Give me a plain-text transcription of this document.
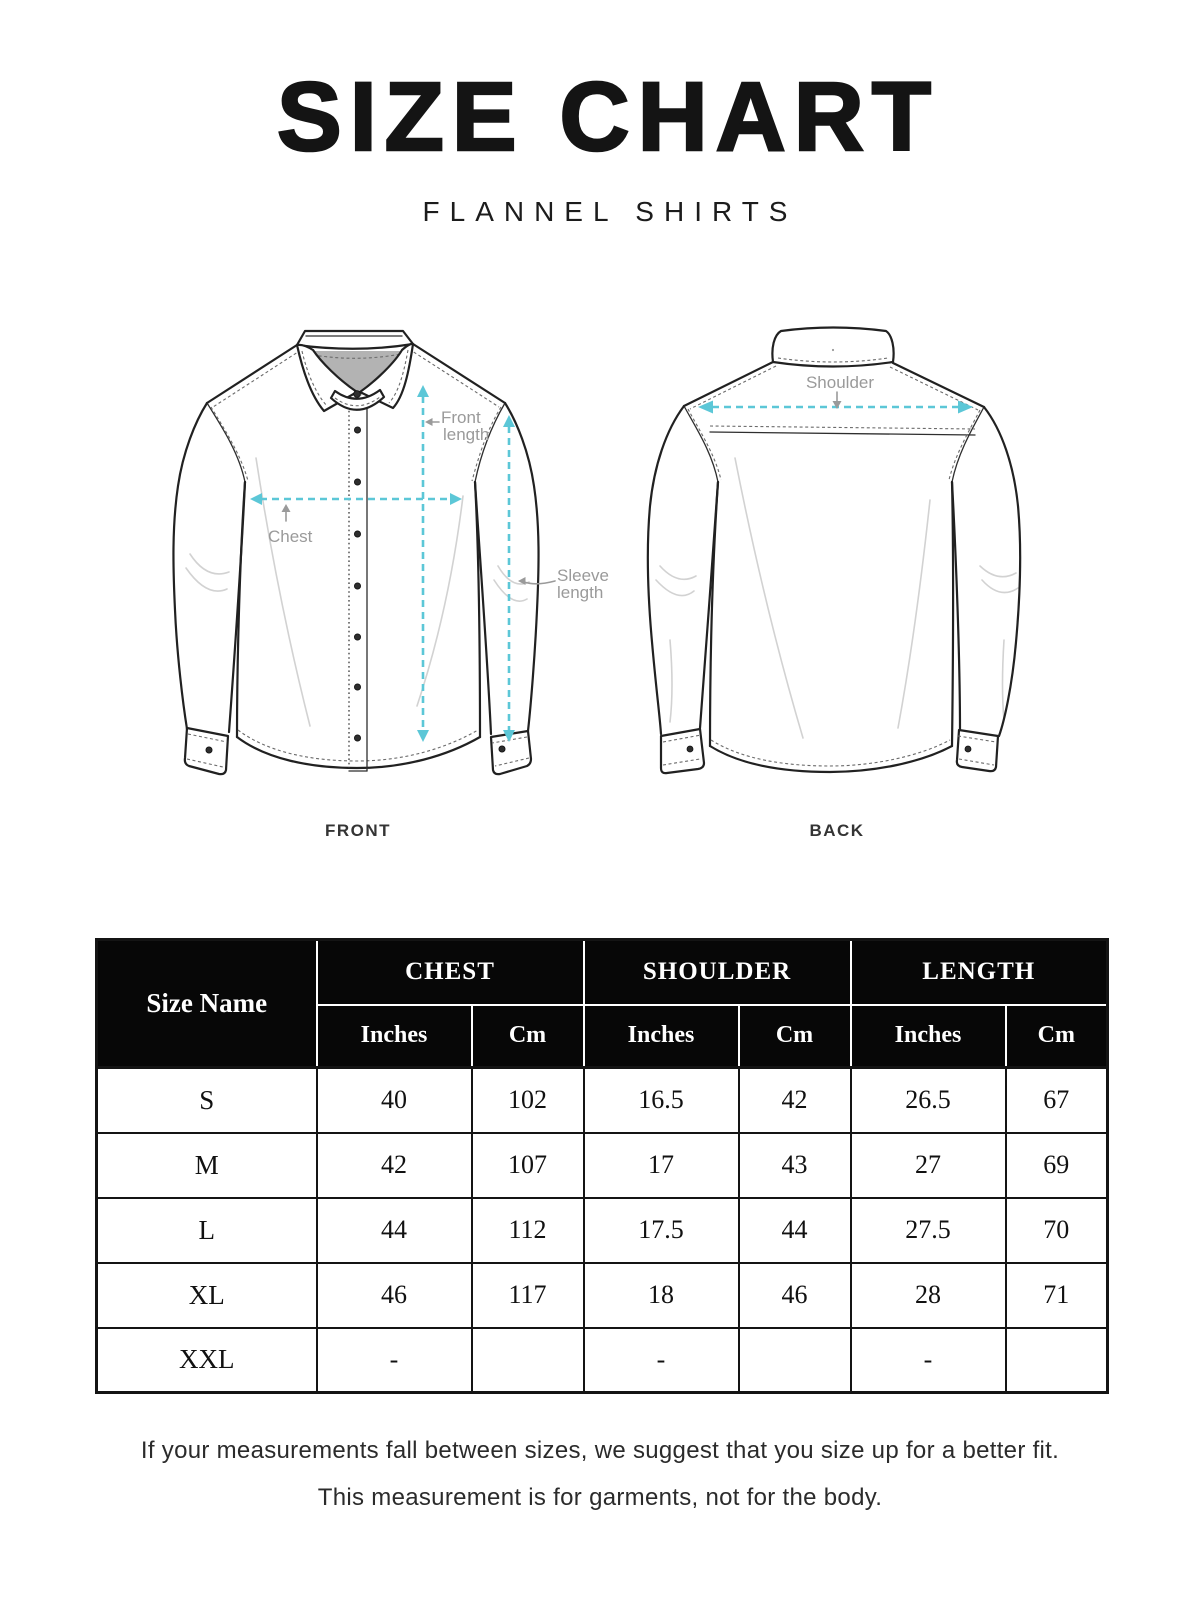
SIZE CHART
FLANNEL SHIRTS
Chest
Front
length
Sleeve
length
FRONT
Shoulder
BACK
Size Name	CHEST		SHOULDER		LENGTH	
	Inches	Cm	Inches	Cm	Inches	Cm
S	40	102	16.5	42	26.5	67
M	42	107	17	43	27	69
L	44	112	17.5	44	27.5	70
XL	46	117	18	46	28	71
XXL	-		-		-	

If your measurements fall between sizes, we suggest that you size up for a better fit.

This measurement is for garments, not for the body.
